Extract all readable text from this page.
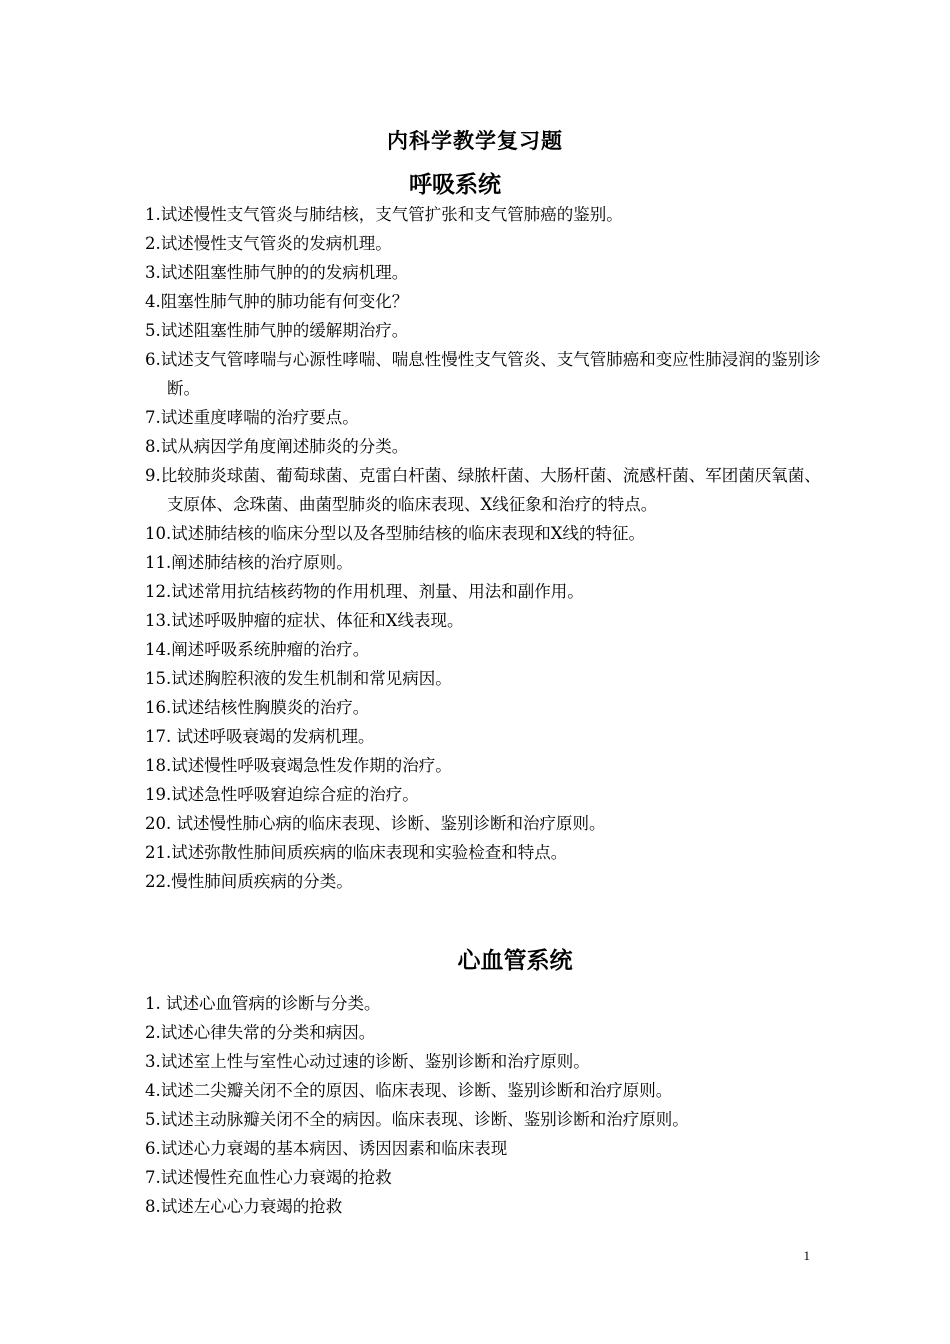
内科学教学复习题
呼吸系统
1.试述慢性支气管炎与肺结核，支气管扩张和支气管肺癌的鉴别。
2.试述慢性支气管炎的发病机理。
3.试述阻塞性肺气肿的的发病机理。
4.阻塞性肺气肿的肺功能有何变化？
5.试述阻塞性肺气肿的缓解期治疗。
6.试述支气管哮喘与心源性哮喘、喘息性慢性支气管炎、支气管肺癌和变应性肺浸润的鉴别诊断。
7.试述重度哮喘的治疗要点。
8.试从病因学角度阐述肺炎的分类。
9.比较肺炎球菌、葡萄球菌、克雷白杆菌、绿脓杆菌、大肠杆菌、流感杆菌、军团菌厌氧菌、支原体、念珠菌、曲菌型肺炎的临床表现、X线征象和治疗的特点。
10.试述肺结核的临床分型以及各型肺结核的临床表现和X线的特征。
11.阐述肺结核的治疗原则。
12.试述常用抗结核药物的作用机理、剂量、用法和副作用。
13.试述呼吸肿瘤的症状、体征和X线表现。
14.阐述呼吸系统肿瘤的治疗。
15.试述胸腔积液的发生机制和常见病因。
16.试述结核性胸膜炎的治疗。
17. 试述呼吸衰竭的发病机理。
18.试述慢性呼吸衰竭急性发作期的治疗。
19.试述急性呼吸窘迫综合症的治疗。
20. 试述慢性肺心病的临床表现、诊断、鉴别诊断和治疗原则。
21.试述弥散性肺间质疾病的临床表现和实验检查和特点。
22.慢性肺间质疾病的分类。
心血管系统
1. 试述心血管病的诊断与分类。
2.试述心律失常的分类和病因。
3.试述室上性与室性心动过速的诊断、鉴别诊断和治疗原则。
4.试述二尖瓣关闭不全的原因、临床表现、诊断、鉴别诊断和治疗原则。
5.试述主动脉瓣关闭不全的病因。临床表现、诊断、鉴别诊断和治疗原则。
6.试述心力衰竭的基本病因、诱因因素和临床表现
7.试述慢性充血性心力衰竭的抢救
8.试述左心心力衰竭的抢救
1
